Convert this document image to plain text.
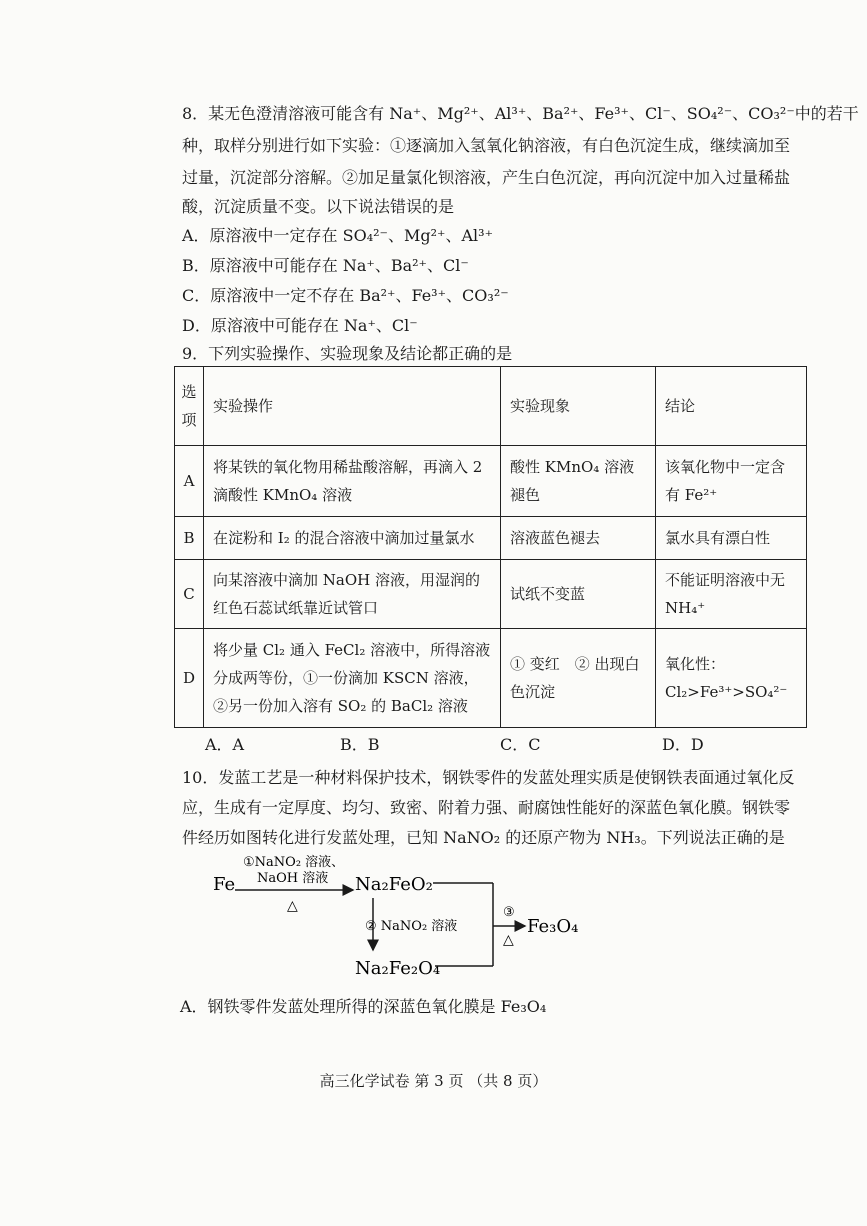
8．某无色澄清溶液可能含有 Na⁺、Mg²⁺、Al³⁺、Ba²⁺、Fe³⁺、Cl⁻、SO₄²⁻、CO₃²⁻中的若干
种，取样分别进行如下实验：①逐滴加入氢氧化钠溶液，有白色沉淀生成，继续滴加至
过量，沉淀部分溶解。②加足量氯化钡溶液，产生白色沉淀，再向沉淀中加入过量稀盐
酸，沉淀质量不变。以下说法错误的是
A．原溶液中一定存在 SO₄²⁻、Mg²⁺、Al³⁺
B．原溶液中可能存在 Na⁺、Ba²⁺、Cl⁻
C．原溶液中一定不存在 Ba²⁺、Fe³⁺、CO₃²⁻
D．原溶液中可能存在 Na⁺、Cl⁻
9．下列实验操作、实验现象及结论都正确的是
选项	实验操作	实验现象	结论
A	将某铁的氧化物用稀盐酸溶解，再滴入 2 滴酸性 KMnO₄ 溶液	酸性 KMnO₄ 溶液褪色	该氧化物中一定含有 Fe²⁺
B	在淀粉和 I₂ 的混合溶液中滴加过量氯水	溶液蓝色褪去	氯水具有漂白性
C	向某溶液中滴加 NaOH 溶液，用湿润的红色石蕊试纸靠近试管口	试纸不变蓝	不能证明溶液中无 NH₄⁺
D	将少量 Cl₂ 通入 FeCl₂ 溶液中，所得溶液分成两等份，①一份滴加 KSCN 溶液，②另一份加入溶有 SO₂ 的 BaCl₂ 溶液	① 变红　② 出现白色沉淀	氧化性：Cl₂>Fe³⁺>SO₄²⁻
A．A	B．B	C．C	D．D
10．发蓝工艺是一种材料保护技术，钢铁零件的发蓝处理实质是使钢铁表面通过氧化反
应，生成有一定厚度、均匀、致密、附着力强、耐腐蚀性能好的深蓝色氧化膜。钢铁零
件经历如图转化进行发蓝处理，已知 NaNO₂ 的还原产物为 NH₃。下列说法正确的是
Fe
①NaNO₂ 溶液、
NaOH 溶液
△
Na₂FeO₂
② NaNO₂ 溶液
Na₂Fe₂O₄
③
△
Fe₃O₄
A．钢铁零件发蓝处理所得的深蓝色氧化膜是 Fe₃O₄
高三化学试卷 第 3 页 （共 8 页）
